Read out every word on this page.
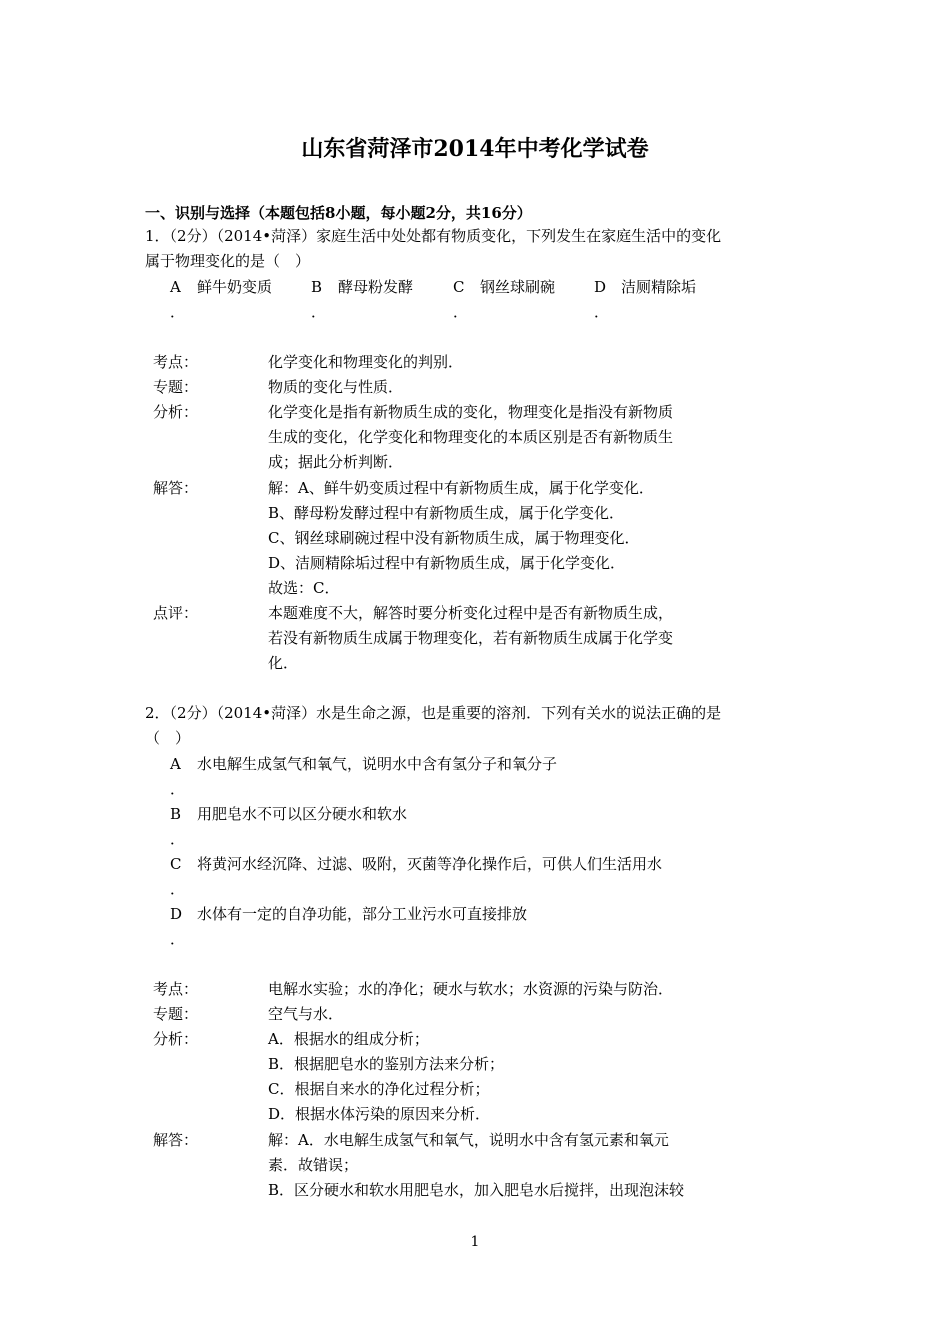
山东省菏泽市2014年中考化学试卷
一、识别与选择（本题包括8小题，每小题2分，共16分）
1．（2分）（2014•菏泽）家庭生活中处处都有物质变化，下列发生在家庭生活中的变化
属于物理变化的是（　）
A 鲜牛奶变质
．
B 酵母粉发酵
．
C 钢丝球刷碗
．
D 洁厕精除垢
．
考点：	化学变化和物理变化的判别．
专题：	物质的变化与性质．
分析：	化学变化是指有新物质生成的变化，物理变化是指没有新物质
生成的变化，化学变化和物理变化的本质区别是否有新物质生
成；据此分析判断．
解答：	解：A、鲜牛奶变质过程中有新物质生成，属于化学变化．
B、酵母粉发酵过程中有新物质生成，属于化学变化．
C、钢丝球刷碗过程中没有新物质生成，属于物理变化．
D、洁厕精除垢过程中有新物质生成，属于化学变化．
故选：C．
点评：	本题难度不大，解答时要分析变化过程中是否有新物质生成，
若没有新物质生成属于物理变化，若有新物质生成属于化学变
化．
2．（2分）（2014•菏泽）水是生命之源，也是重要的溶剂．下列有关水的说法正确的是
（　）
A 水电解生成氢气和氧气，说明水中含有氢分子和氧分子
．
B 用肥皂水不可以区分硬水和软水
．
C 将黄河水经沉降、过滤、吸附，灭菌等净化操作后，可供人们生活用水
．
D 水体有一定的自净功能，部分工业污水可直接排放
．
考点：	电解水实验；水的净化；硬水与软水；水资源的污染与防治．
专题：	空气与水．
分析：	A．根据水的组成分析；
B．根据肥皂水的鉴别方法来分析；
C．根据自来水的净化过程分析；
D．根据水体污染的原因来分析．
解答：	解：A．水电解生成氢气和氧气，说明水中含有氢元素和氧元
素．故错误；
B．区分硬水和软水用肥皂水，加入肥皂水后搅拌，出现泡沫较
1
